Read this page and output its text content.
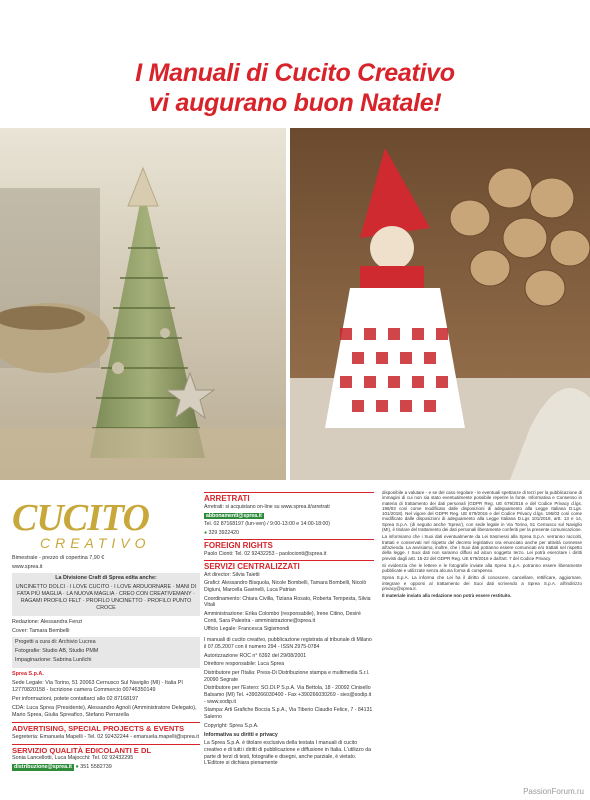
I Manuali di Cucito Creativo
vi augurano buon Natale!
CUCITO
CREATIVO

Bimestrale - prezzo di copertina 7,90 €

www.sprea.it

La Divisione Craft di Sprea edita anche:

UNCINETTO DOLCI · I LOVE CUCITO · I LOVE ARDUORNARE · MANI DI FATA PIÙ MAGLIA · LA NUOVA MAGLIA · CREO CON CREATIVEMANY · RAGAMI PROFILO FELT · PROFILO UNCINETTO · PROFILO PUNTO CROCE

Redazione: Alessandra Fenzi

Cover: Tamara Bembelli

Progetti a cura di: Archivio Lucrea

Fotografie: Studio AB, Studio PMM

Impaginazione: Sabrina Lunilchi

Sprea S.p.A.

Sede Legale: Via Torino, 51 20063 Cernusco Sul Naviglio (MI) - Italia PI 12770820158 - Iscrizione camera Commercio 00746350149

Per informazioni, potete contattarci allo 02 87168197

CDA: Luca Sprea (Presidente), Alessandro Agnoli (Amministratore Delegato), Mario Sprea, Giulia Spreafico, Stefano Perrarella

ADVERTISING, SPECIAL PROJECTS & EVENTS

Segreteria: Emanuela Mapelli - Tel. 02 92432244 - emanuela.mapelli@sprea.it

SERVIZIO QUALITÀ EDICOLANTI E DL

Sonia Lancellotti, Luca Majocchi: Tel. 02 92432295

distribuzione@sprea.it ● 351 5582739

ARRETRATI

Arretrati: si acquistano on-line su www.sprea.it/arretrati

abbonamenti@sprea.it

Tel. 02 87168197 (lun-ven) / 9:00-13:00 e 14:00-18:00)

● 329 3922420

FOREIGN RIGHTS

Paolo Cionti: Tel. 02 92432253 - paolocionti@sprea.it

SERVIZI CENTRALIZZATI

Art director: Silvia Taietti

Grafici: Alessandro Bisquola, Nicole Bombelli, Tamara Bombelli, Nicolò Digiuni, Marcella Gavinelli, Luca Patrian

Coordinamento: Chiara Civilla, Tiziana Rosato, Roberta Tempesta, Silvia Vitali

Amministrazione: Erika Colombo (responsabile), Irene Citino, Desirè Conti, Sara Palestra - amministrazione@sprea.it

Ufficio Legale: Francesca Sigismondi

I manuali di cucito creativo, pubblicazione registrata al tribunale di Milano il 07.05.2007 con il numero 294 - ISSN 2975-0784

Autorizzazione ROC n° 6392 del 29/08/2001

Direttore responsabile: Luca Sprea

Distributore per l'Italia: Press-Di Distribuzione stampa e multimedia S.r.l. 20090 Segrate

Distributore per l'Estero: SO.DI.P S.p.A. Via Bettola, 18 - 20092 Cinisello Balsamo (MI) Tel. +390266030400 - Fax +390266030269 - sies@sodip.it - www.sodip.it

Stampa: Arti Grafiche Boccia S.p.A., Via Tiberio Claudio Felice, 7 - 84131 Salerno

Copyright: Sprea S.p.A.

Informativa su diritti e privacy

La Sprea S.p.A. è titolare esclusiva della testata I manuali di cucito creativo e di tutti i diritti di pubblicazione e diffusione in Italia. L'utilizzo da parte di terzi di testi, fotografie e disegni, anche parziale, è vietato. L'Editore si dichiara pienamente

disponibile a valutare - e se del caso regolare - le eventuali spettanze di terzi per la pubblicazione di immagini di cui non sia stato eventualmente possibile reperire la fonte. Informativa e Consenso in materia di trattamento dei dati personali (GDPR Reg. UE 679/2016 e del Codice Privacy d.lgs. 196/03 così come modificato dalle disposizioni di adeguamento alla Legge Italiana D.Lgs. 101/2018). Nel vigore del GDPR Reg. UE 679/2016 e del Codice Privacy d.lgs. 196/03 così come modificato dalle disposizioni di adeguamento alla Legge Italiana D.Lgs 101/2018, artt. 13 e 14, Sprea S.p.A. (di seguito anche 'Sprea'), con sede legale in Via Torino, 51 Cernusco sul Naviglio (MI), è titolare del trattamento dei dati personali liberamente conferiti per la presente comunicazione.

La informiamo che i Suoi dati eventualmente da Lei trasmessi alla Sprea S.p.A. verranno raccolti, trattati e conservati nel rispetto del decreto legislativo ora enunciato anche per attività connesse all'azienda. La avvisiamo, inoltre, che i Suoi dati potranno essere comunicati e/o trattati nel rispetto della legge. I Suoi dati non saranno diffusi ad alcun soggetto terzo. Lei potrà esercitare i diritti previsti dagli artt. 15-22 del GDPR Reg. UE 679/2016 e dall'art. 7 del Codice Privacy.

Si evidenzia che le lettere e le fotografie inviate alla Sprea S.p.A. potranno essere liberamente pubblicate e utilizzate senza alcuna forma di compenso.

Sprea S.p.A. La informa che Lei ha il diritto di conoscere, cancellare, rettificare, aggiornare, integrare e opporsi al trattamento dei Suoi dati scrivendo a Sprea S.p.A. all'indirizzo privacy@sprea.it.

Il materiale inviato alla redazione non potrà essere restituito.

PassionForum.ru
